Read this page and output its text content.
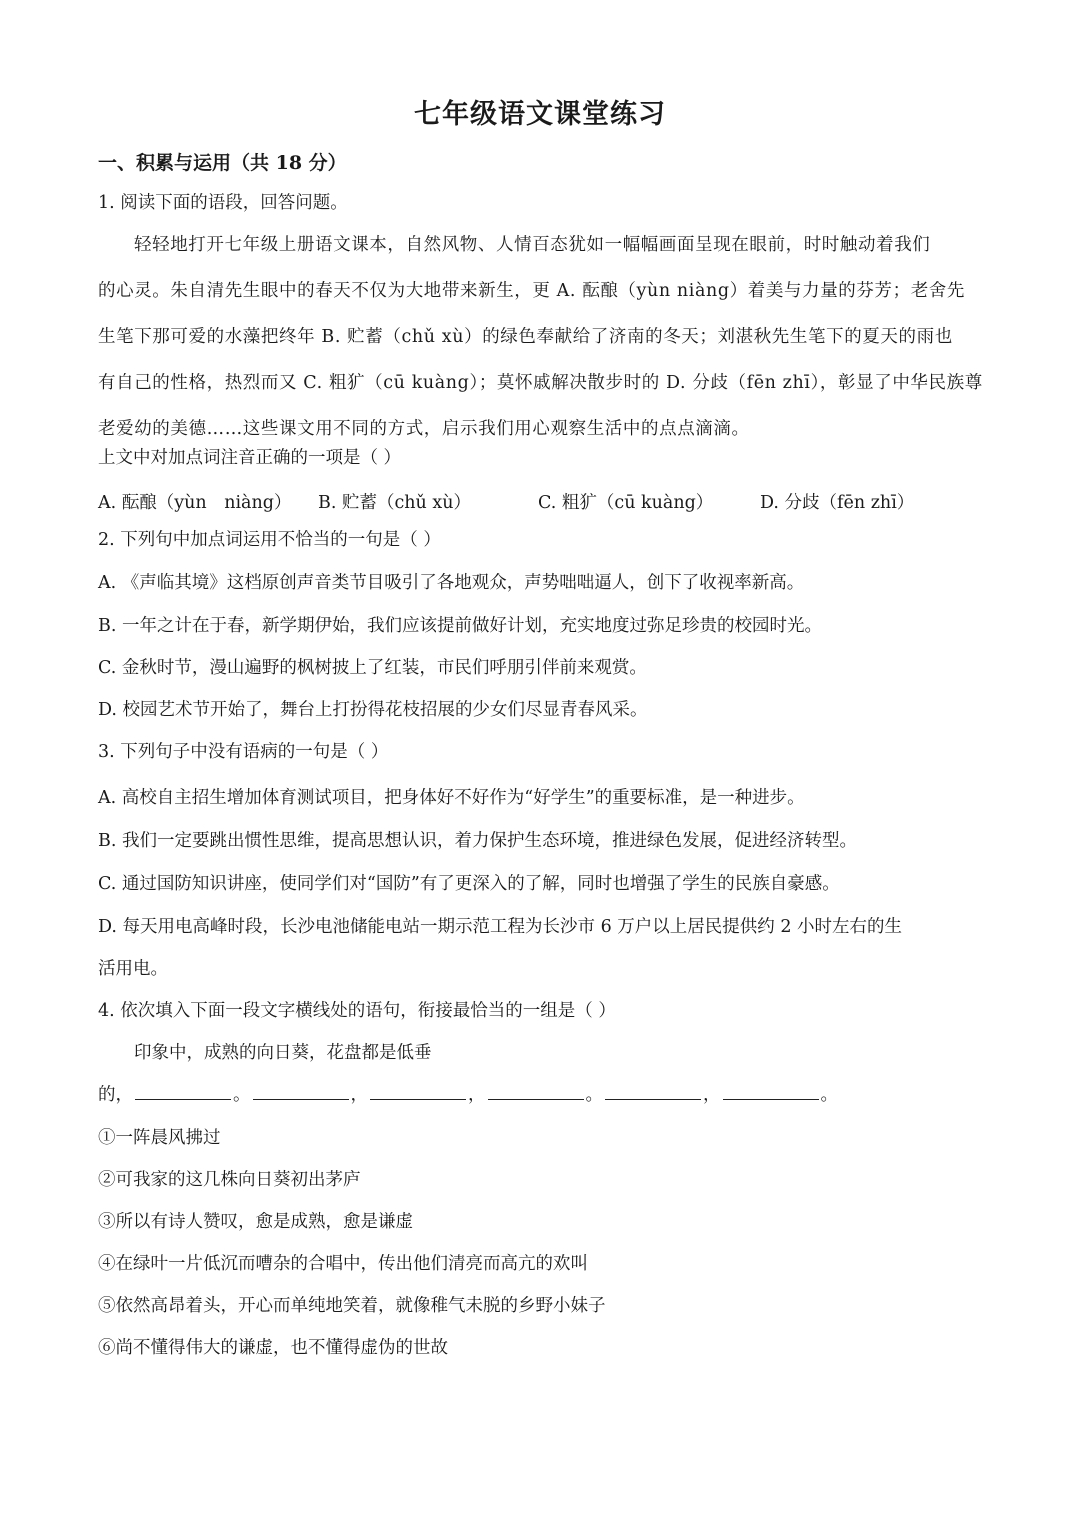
七年级语文课堂练习
一、积累与运用（共 18 分）
1. 阅读下面的语段，回答问题。
轻轻地打开七年级上册语文课本，自然风物、人情百态犹如一幅幅画面呈现在眼前，时时触动着我们
的心灵。朱自清先生眼中的春天不仅为大地带来新生，更 A. 酝酿（yùn niàng）着美与力量的芬芳；老舍先
生笔下那可爱的水藻把终年 B. 贮蓄（chǔ xù）的绿色奉献给了济南的冬天；刘湛秋先生笔下的夏天的雨也
有自己的性格，热烈而又 C. 粗犷（cū kuàng）；莫怀戚解决散步时的 D. 分歧（fēn zhī），彰显了中华民族尊
老爱幼的美德……这些课文用不同的方式，启示我们用心观察生活中的点点滴滴。
上文中对加点词注音正确的一项是（ ）
A. 酝酿（yùn　niàng） B. 贮蓄（chǔ xù）	C. 粗犷（cū kuàng）	D. 分歧（fēn zhī）
2. 下列句中加点词运用不恰当的一句是（ ）
A. 《声临其境》这档原创声音类节目吸引了各地观众，声势咄咄逼人，创下了收视率新高。
B. 一年之计在于春，新学期伊始，我们应该提前做好计划，充实地度过弥足珍贵的校园时光。
C. 金秋时节，漫山遍野的枫树披上了红装，市民们呼朋引伴前来观赏。
D. 校园艺术节开始了，舞台上打扮得花枝招展的少女们尽显青春风采。
3. 下列句子中没有语病的一句是（ ）
A. 高校自主招生增加体育测试项目，把身体好不好作为“好学生”的重要标准，是一种进步。
B. 我们一定要跳出惯性思维，提高思想认识，着力保护生态环境，推进绿色发展，促进经济转型。
C. 通过国防知识讲座，使同学们对“国防”有了更深入的了解，同时也增强了学生的民族自豪感。
D. 每天用电高峰时段，长沙电池储能电站一期示范工程为长沙市 6 万户以上居民提供约 2 小时左右的生
活用电。
4. 依次填入下面一段文字横线处的语句，衔接最恰当的一组是（ ）
印象中，成熟的向日葵，花盘都是低垂
的，	。	，	，	。	，	。
①一阵晨风拂过
②可我家的这几株向日葵初出茅庐
③所以有诗人赞叹，愈是成熟，愈是谦虚
④在绿叶一片低沉而嘈杂的合唱中，传出他们清亮而高亢的欢叫
⑤依然高昂着头，开心而单纯地笑着，就像稚气未脱的乡野小妹子
⑥尚不懂得伟大的谦虚，也不懂得虚伪的世故
